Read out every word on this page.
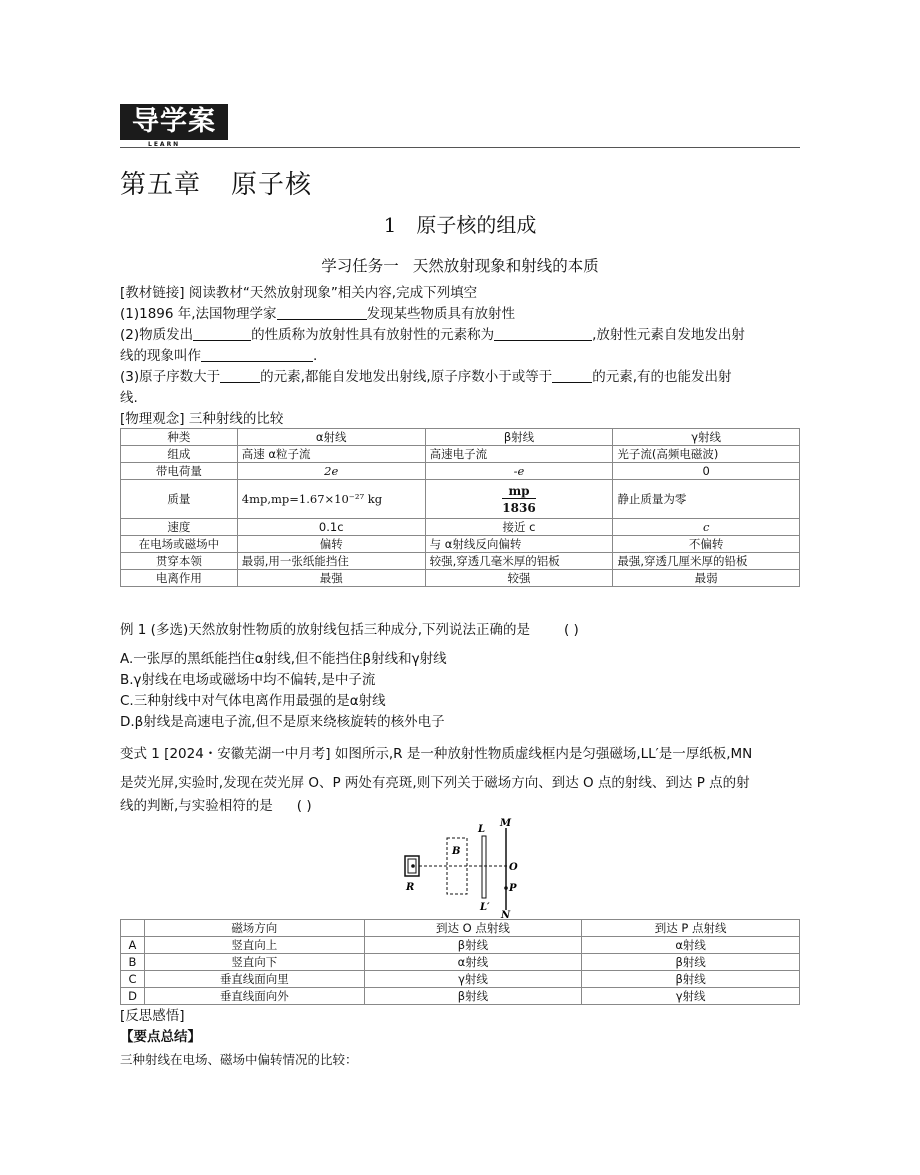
导学案
LEARN
第五章 原子核
1 原子核的组成
学习任务一 天然放射现象和射线的本质
[教材链接] 阅读教材“天然放射现象”相关内容,完成下列填空
(1)1896 年,法国物理学家	发现某些物质具有放射性
(2)物质发出	的性质称为放射性具有放射性的元素称为	,放射性元素自发地发出射
线的现象叫作	.
(3)原子序数大于	的元素,都能自发地发出射线,原子序数小于或等于	的元素,有的也能发出射
线.
[物理观念] 三种射线的比较
种类	α射线	β射线	γ射线
组成	高速 α粒子流	高速电子流	光子流(高频电磁波)
带电荷量	2e	-e	0
质量	4mp,mp=1.67×10⁻²⁷ kg	$\frac{mp}{1836}$	静止质量为零
速度	0.1c	接近 c	c
在电场或磁场中	偏转	与 α射线反向偏转	不偏转
贯穿本领	最弱,用一张纸能挡住	较强,穿透几毫米厚的铝板	最强,穿透几厘米厚的铅板
电离作用	最强	较强	最弱
例 1 (多选)天然放射性物质的放射线包括三种成分,下列说法正确的是	( )
A.一张厚的黑纸能挡住α射线,但不能挡住β射线和γ射线
B.γ射线在电场或磁场中均不偏转,是中子流
C.三种射线中对气体电离作用最强的是α射线
D.β射线是高速电子流,但不是原来绕核旋转的核外电子
变式 1 [2024・安徽芜湖一中月考] 如图所示,R 是一种放射性物质虚线框内是匀强磁场,LL′是一厚纸板,MN
是荧光屏,实验时,发现在荧光屏 O、P 两处有亮斑,则下列关于磁场方向、到达 O 点的射线、到达 P 点的射
线的判断,与实验相符的是 ( )
R
B
L
L′
M
N
O
P
	磁场方向	到达 O 点射线	到达 P 点射线
A	竖直向上	β射线	α射线
B	竖直向下	α射线	β射线
C	垂直线面向里	γ射线	β射线
D	垂直线面向外	β射线	γ射线
[反思感悟]
【要点总结】
三种射线在电场、磁场中偏转情况的比较：
